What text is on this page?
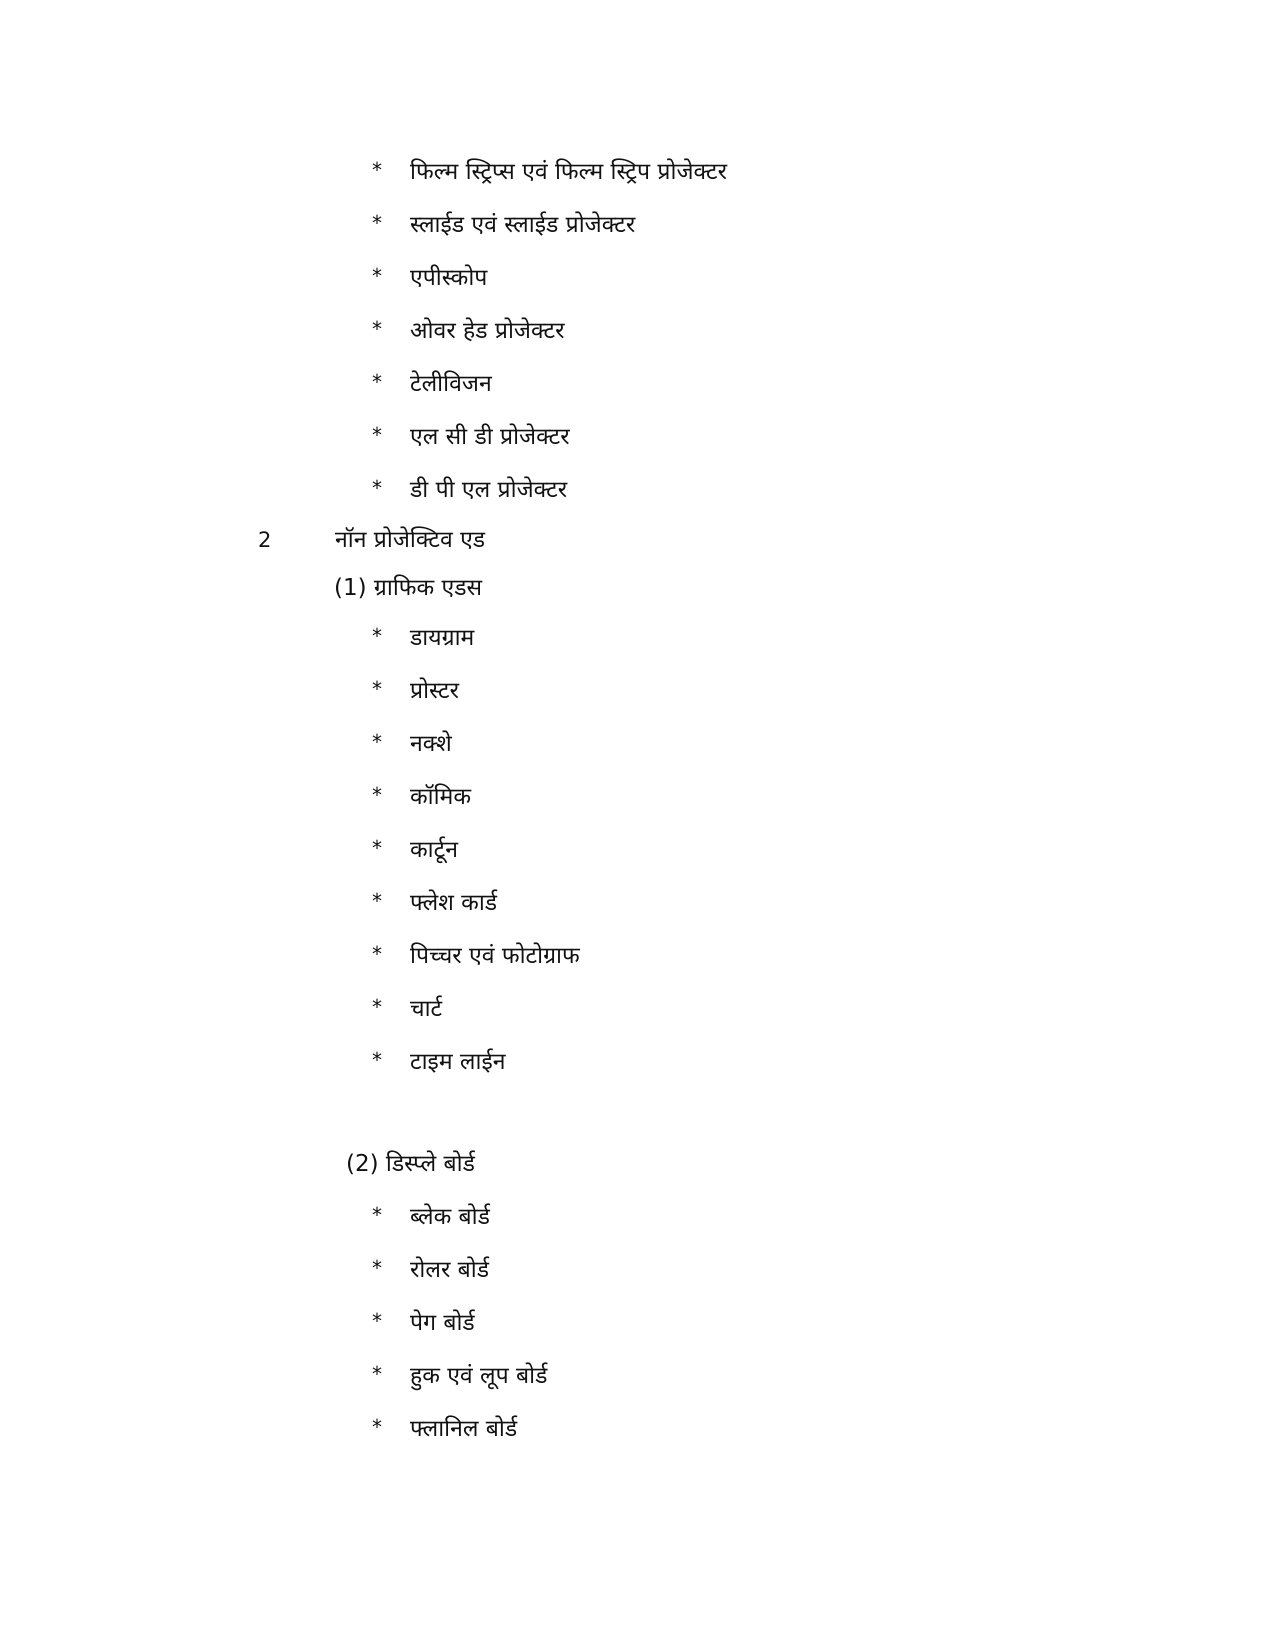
*	फिल्म स्ट्रिप्स एवं फिल्म स्ट्रिप प्रोजेक्टर
*	स्लाईड एवं स्लाईड प्रोजेक्टर
*	एपीस्कोप
*	ओवर हेड प्रोजेक्टर
*	टेलीविजन
*	एल सी डी प्रोजेक्टर
*	डी पी एल प्रोजेक्टर
2	नॉन प्रोजेक्टिव एड
(1) ग्राफिक एडस
*	डायग्राम
*	प्रोस्टर
*	नक्शे
*	कॉमिक
*	कार्टून
*	फ्लेश कार्ड
*	पिच्चर एवं फोटोग्राफ
*	चार्ट
*	टाइम लाईन
(2) डिस्प्ले बोर्ड
*	ब्लेक बोर्ड
*	रोलर बोर्ड
*	पेग बोर्ड
*	हुक एवं लूप बोर्ड
*	फ्लानिल बोर्ड
